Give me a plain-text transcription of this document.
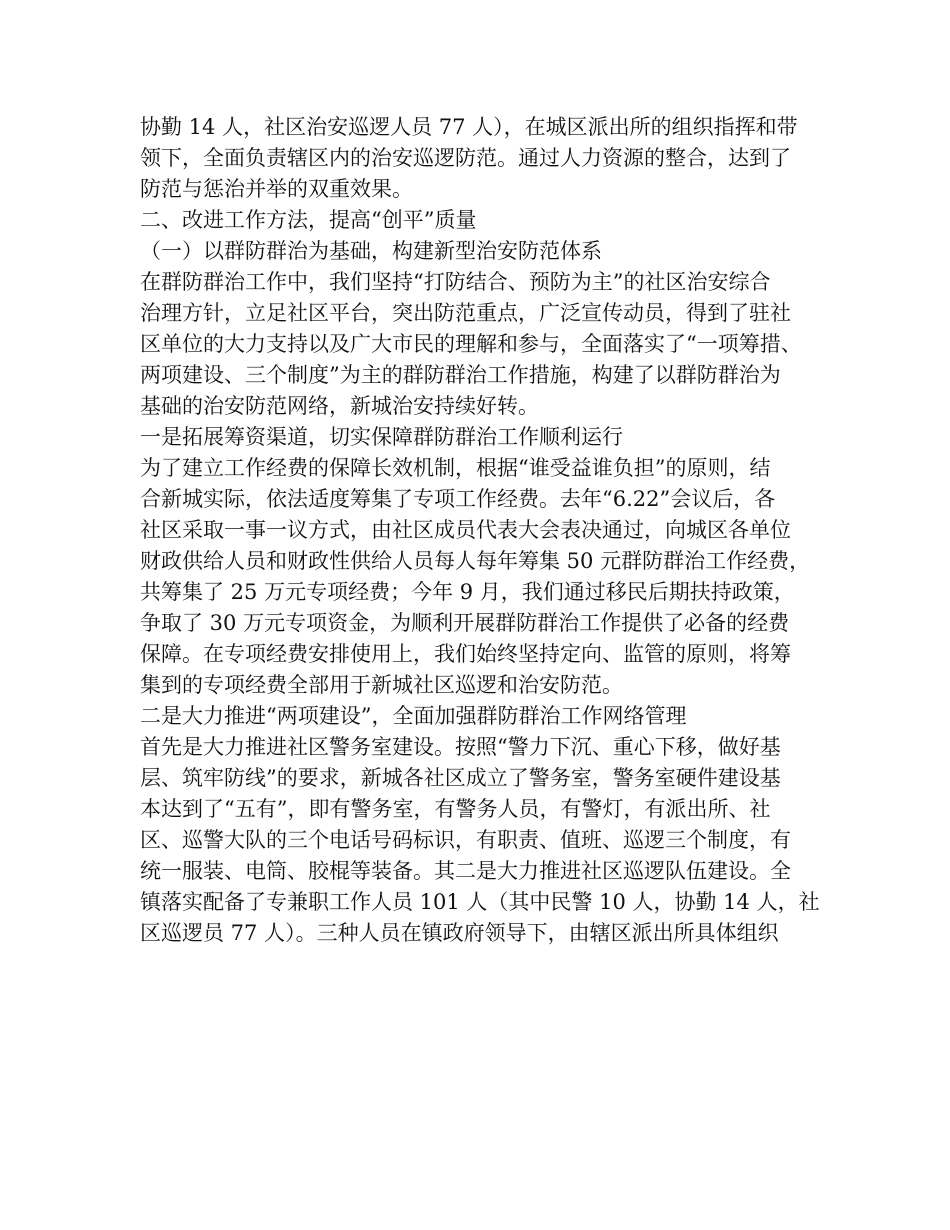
协勤 14 人，社区治安巡逻人员 77 人），在城区派出所的组织指挥和带
领下，全面负责辖区内的治安巡逻防范。通过人力资源的整合，达到了
防范与惩治并举的双重效果。
二、改进工作方法，提高“创平”质量
（一）以群防群治为基础，构建新型治安防范体系
在群防群治工作中，我们坚持“打防结合、预防为主”的社区治安综合
治理方针，立足社区平台，突出防范重点，广泛宣传动员，得到了驻社
区单位的大力支持以及广大市民的理解和参与，全面落实了“一项筹措、
两项建设、三个制度”为主的群防群治工作措施，构建了以群防群治为
基础的治安防范网络，新城治安持续好转。
一是拓展筹资渠道，切实保障群防群治工作顺利运行
为了建立工作经费的保障长效机制，根据“谁受益谁负担”的原则，结
合新城实际，依法适度筹集了专项工作经费。去年“6.22”会议后，各
社区采取一事一议方式，由社区成员代表大会表决通过，向城区各单位
财政供给人员和财政性供给人员每人每年筹集 50 元群防群治工作经费，
共筹集了 25 万元专项经费；今年 9 月，我们通过移民后期扶持政策，
争取了 30 万元专项资金，为顺利开展群防群治工作提供了必备的经费
保障。在专项经费安排使用上，我们始终坚持定向、监管的原则，将筹
集到的专项经费全部用于新城社区巡逻和治安防范。
二是大力推进“两项建设”，全面加强群防群治工作网络管理
首先是大力推进社区警务室建设。按照“警力下沉、重心下移，做好基
层、筑牢防线”的要求，新城各社区成立了警务室，警务室硬件建设基
本达到了“五有”，即有警务室，有警务人员，有警灯，有派出所、社
区、巡警大队的三个电话号码标识，有职责、值班、巡逻三个制度，有
统一服装、电筒、胶棍等装备。其二是大力推进社区巡逻队伍建设。全
镇落实配备了专兼职工作人员 101 人（其中民警 10 人，协勤 14 人，社
区巡逻员 77 人）。三种人员在镇政府领导下，由辖区派出所具体组织
